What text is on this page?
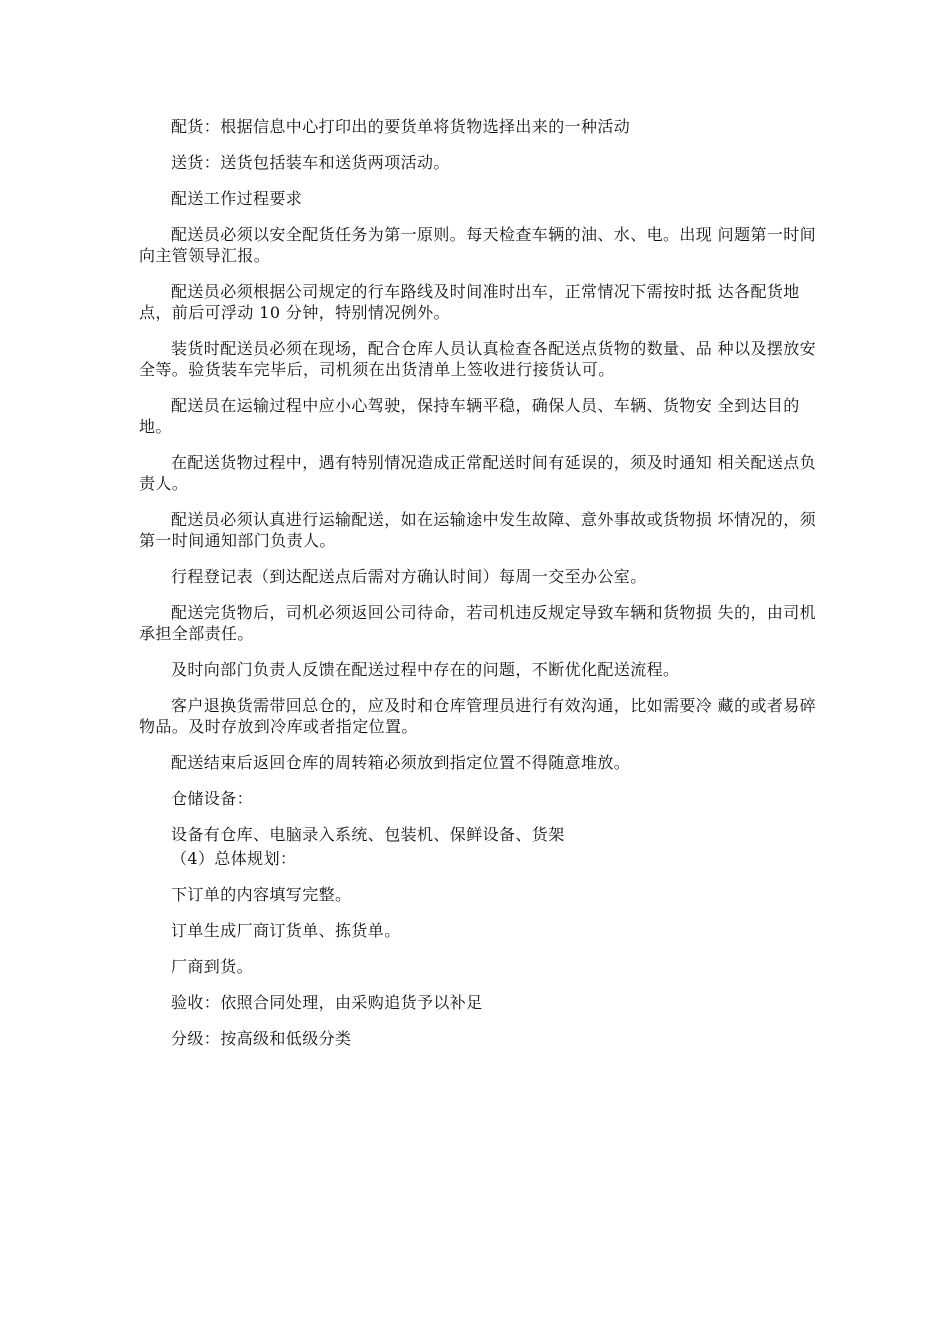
配货：根据信息中心打印出的要货单将货物选择出来的一种活动

送货：送货包括装车和送货两项活动。

配送工作过程要求

配送员必须以安全配货任务为第一原则。每天检查车辆的油、水、电。出现 问题第一时间向主管领导汇报。

配送员必须根据公司规定的行车路线及时间准时出车，正常情况下需按时抵 达各配货地点，前后可浮动 10 分钟，特别情况例外。

装货时配送员必须在现场，配合仓库人员认真检查各配送点货物的数量、品 种以及摆放安全等。验货装车完毕后，司机须在出货清单上签收进行接货认可。

配送员在运输过程中应小心驾驶，保持车辆平稳，确保人员、车辆、货物安 全到达目的地。

在配送货物过程中，遇有特别情况造成正常配送时间有延误的，须及时通知 相关配送点负责人。

配送员必须认真进行运输配送，如在运输途中发生故障、意外事故或货物损 坏情况的，须第一时间通知部门负责人。

行程登记表（到达配送点后需对方确认时间）每周一交至办公室。

配送完货物后，司机必须返回公司待命，若司机违反规定导致车辆和货物损 失的，由司机承担全部责任。

及时向部门负责人反馈在配送过程中存在的问题，不断优化配送流程。

客户退换货需带回总仓的，应及时和仓库管理员进行有效沟通，比如需要冷 藏的或者易碎物品。及时存放到冷库或者指定位置。

配送结束后返回仓库的周转箱必须放到指定位置不得随意堆放。

仓储设备：

设备有仓库、电脑录入系统、包装机、保鲜设备、货架

（4）总体规划：

下订单的内容填写完整。

订单生成厂商订货单、拣货单。

厂商到货。

验收：依照合同处理，由采购追货予以补足

分级：按高级和低级分类
